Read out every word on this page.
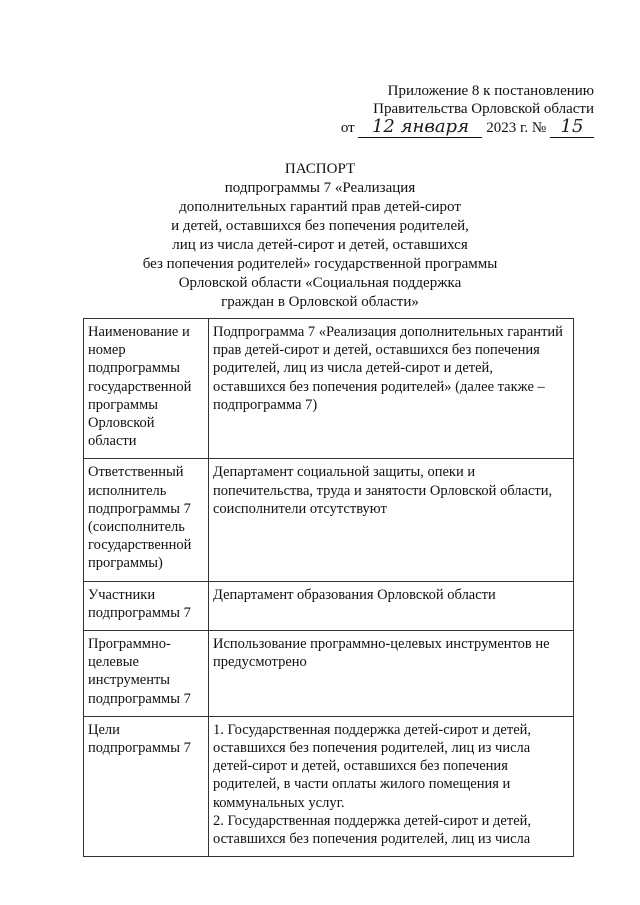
Приложение 8 к постановлению
Правительства Орловской области
от 12 января 2023 г. № 15
ПАСПОРТ
подпрограммы 7 «Реализация
дополнительных гарантий прав детей-сирот
и детей, оставшихся без попечения родителей,
лиц из числа детей-сирот и детей, оставшихся
без попечения родителей» государственной программы
Орловской области «Социальная поддержка
граждан в Орловской области»
Наименование и номер подпрограммы государственной программы Орловской области	Подпрограмма 7 «Реализация дополнительных гарантий прав детей-сирот и детей, оставшихся без попечения родителей, лиц из числа детей-сирот и детей, оставшихся без попечения родителей» (далее также – подпрограмма 7)
Ответственный исполнитель подпрограммы 7 (соисполнитель государственной программы)	Департамент социальной защиты, опеки и попечительства, труда и занятости Орловской области, соисполнители отсутствуют
Участники подпрограммы 7	Департамент образования Орловской области
Программно-целевые инструменты подпрограммы 7	Использование программно-целевых инструментов не предусмотрено
Цели подпрограммы 7	1. Государственная поддержка детей-сирот и детей, оставшихся без попечения родителей, лиц из числа детей-сирот и детей, оставшихся без попечения родителей, в части оплаты жилого помещения и коммунальных услуг.
2. Государственная поддержка детей-сирот и детей, оставшихся без попечения родителей, лиц из числа
